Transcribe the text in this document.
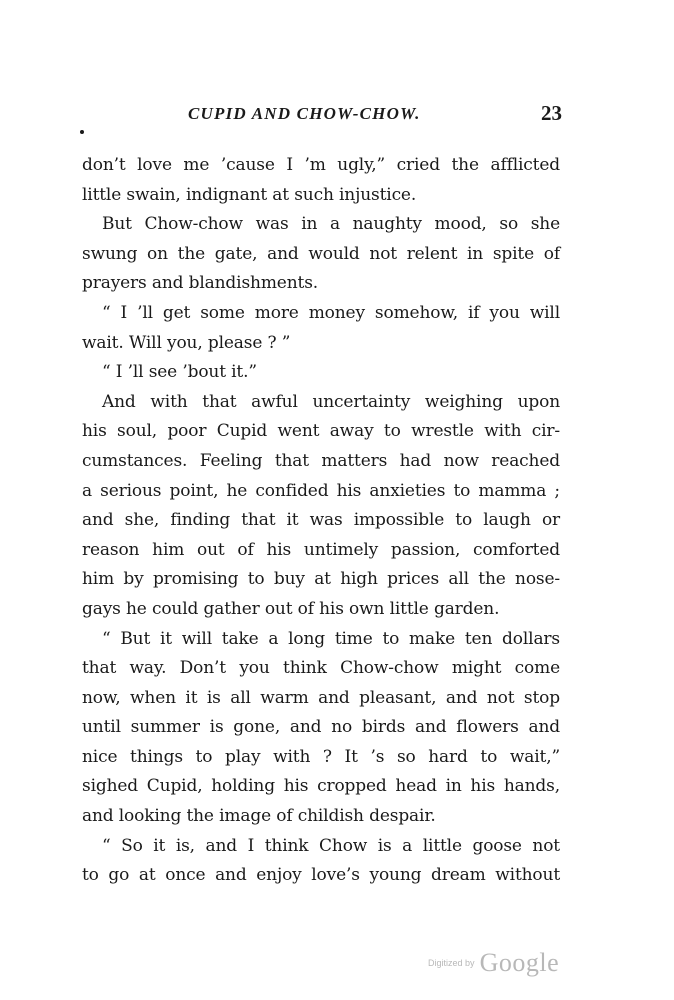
CUPID AND CHOW-CHOW.	23
don’t love me ’cause I ’m ugly,” cried the afflicted
little swain, indignant at such injustice.
But Chow-chow was in a naughty mood, so she
swung on the gate, and would not relent in spite of
prayers and blandishments.
“ I ’ll get some more money somehow, if you will
wait. Will you, please ? ”
“ I ’ll see ’bout it.”
And with that awful uncertainty weighing upon
his soul, poor Cupid went away to wrestle with cir-
cumstances. Feeling that matters had now reached
a serious point, he confided his anxieties to mamma ;
and she, finding that it was impossible to laugh or
reason him out of his untimely passion, comforted
him by promising to buy at high prices all the nose-
gays he could gather out of his own little garden.
“ But it will take a long time to make ten dollars
that way. Don’t you think Chow-chow might come
now, when it is all warm and pleasant, and not stop
until summer is gone, and no birds and flowers and
nice things to play with ? It ’s so hard to wait,”
sighed Cupid, holding his cropped head in his hands,
and looking the image of childish despair.
“ So it is, and I think Chow is a little goose not
to go at once and enjoy love’s young dream without
Digitized by Google
